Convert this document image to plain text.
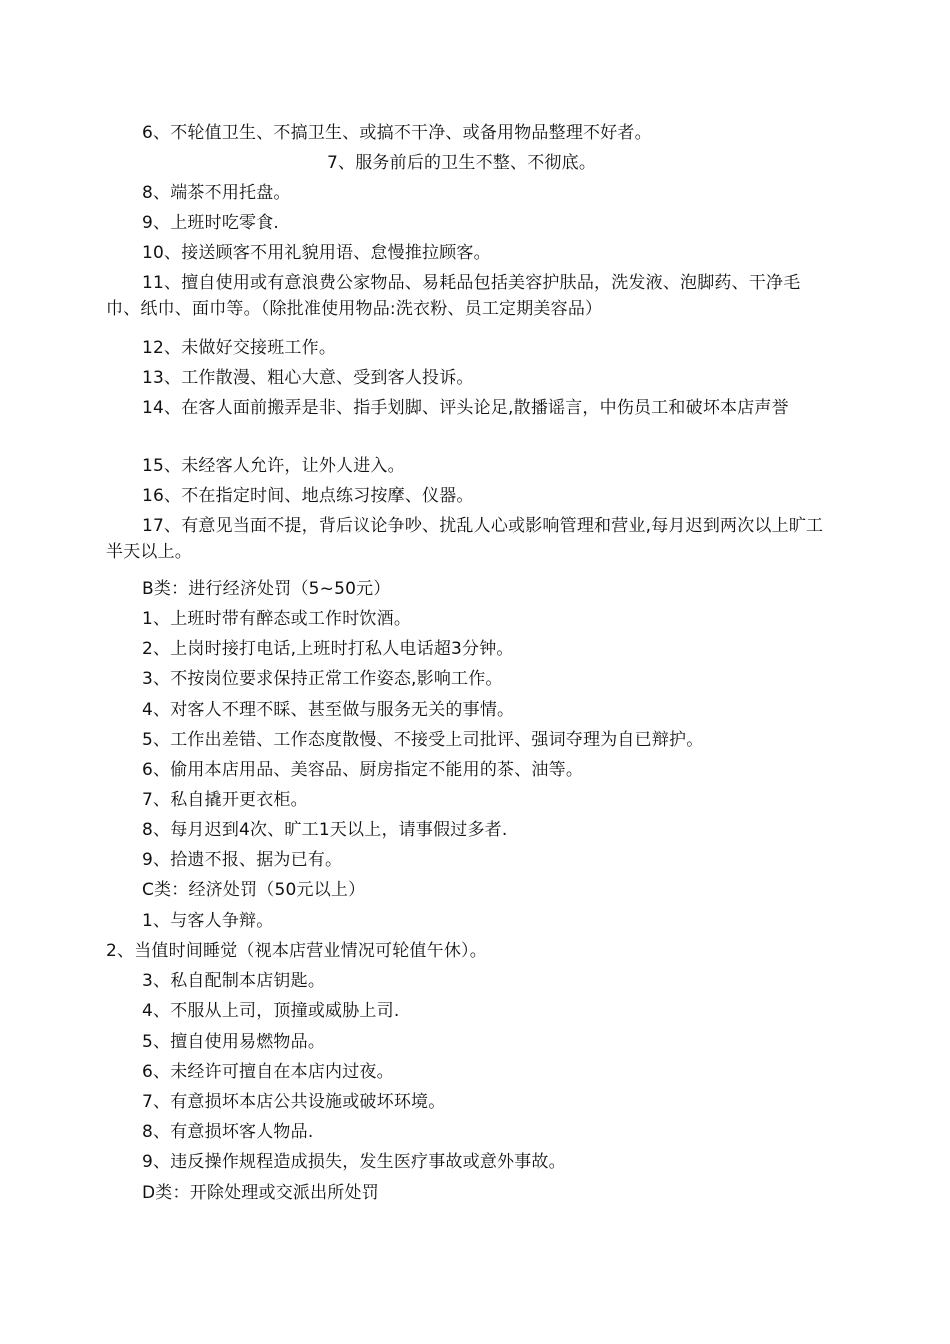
6、不轮值卫生、不搞卫生、或搞不干净、或备用物品整理不好者。
7、服务前后的卫生不整、不彻底。
8、端茶不用托盘。
9、上班时吃零食.
10、接送顾客不用礼貌用语、怠慢推拉顾客。
11、擅自使用或有意浪费公家物品、易耗品包括美容护肤品，洗发液、泡脚药、干净毛巾、纸巾、面巾等。（除批准使用物品:洗衣粉、员工定期美容品）
12、未做好交接班工作。
13、工作散漫、粗心大意、受到客人投诉。
14、在客人面前搬弄是非、指手划脚、评头论足,散播谣言，中伤员工和破坏本店声誉
15、未经客人允许，让外人进入。
16、不在指定时间、地点练习按摩、仪器。
17、有意见当面不提，背后议论争吵、扰乱人心或影响管理和营业,每月迟到两次以上旷工半天以上。
B类：进行经济处罚（5~50元）
1、上班时带有醉态或工作时饮酒。
2、上岗时接打电话,上班时打私人电话超3分钟。
3、不按岗位要求保持正常工作姿态,影响工作。
4、对客人不理不睬、甚至做与服务无关的事情。
5、工作出差错、工作态度散慢、不接受上司批评、强词夺理为自已辩护。
6、偷用本店用品、美容品、厨房指定不能用的茶、油等。
7、私自撬开更衣柜。
8、每月迟到4次、旷工1天以上，请事假过多者.
9、拾遗不报、据为已有。
C类：经济处罚（50元以上）
1、与客人争辩。
2、当值时间睡觉（视本店营业情况可轮值午休）。
3、私自配制本店钥匙。
4、不服从上司，顶撞或威胁上司.
5、擅自使用易燃物品。
6、未经许可擅自在本店内过夜。
7、有意损坏本店公共设施或破坏环境。
8、有意损坏客人物品.
9、违反操作规程造成损失，发生医疗事故或意外事故。
D类：开除处理或交派出所处罚
